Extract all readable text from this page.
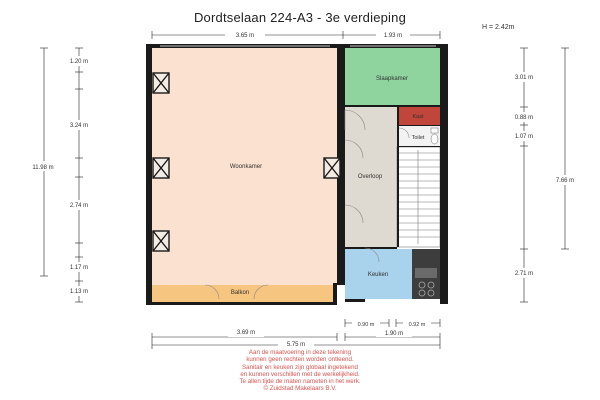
Dordtselaan 224-A3 - 3e verdieping
H = 2.42m
Woonkamer
Slaapkamer
Kast
Toilet
Overloop
Keuken
Balkon
3.65 m	1.93 m
11.98 m
1.20 m
3.24 m
2.74 m
1.17 m
1.13 m
3.01 m
0.88 m
1.07 m
2.71 m
7.66 m
3.69 m	1.90 m
5.75 m
0.90 m	0.92 m
Aan de maatvoering in deze tekening
kunnen geen rechten worden ontleend.
Sanitair en keuken zijn globaal ingetekend
en kunnen verschillen met de werkelijkheid.
Te allen tijde de maten nameten in het werk.
© Zuidstad Makelaars B.V.
